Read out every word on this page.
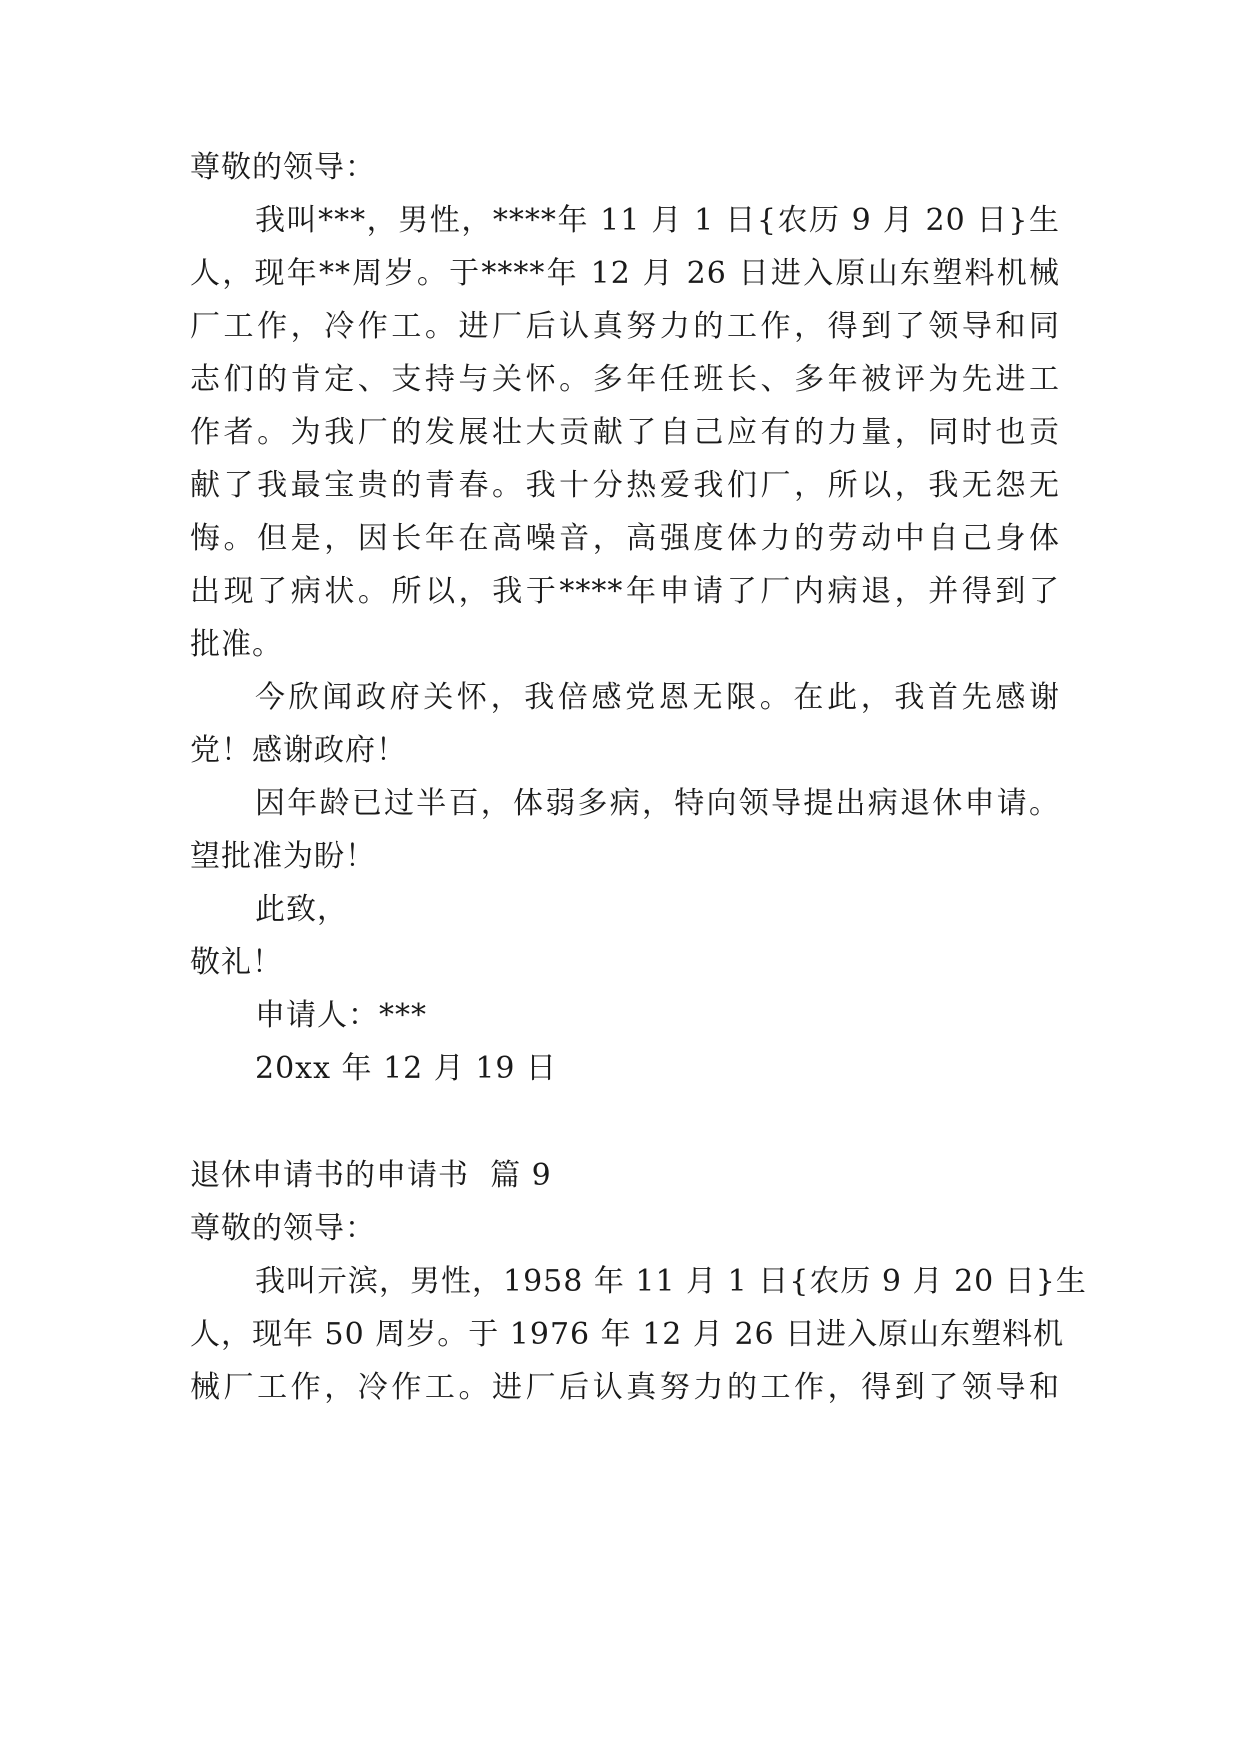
尊敬的领导：
我叫***，男性，****年 11 月 1 日{农历 9 月 20 日}生
人，现年**周岁。于****年 12 月 26 日进入原山东塑料机械
厂工作，冷作工。进厂后认真努力的工作，得到了领导和同
志们的肯定、支持与关怀。多年任班长、多年被评为先进工
作者。为我厂的发展壮大贡献了自己应有的力量，同时也贡
献了我最宝贵的青春。我十分热爱我们厂，所以，我无怨无
悔。但是，因长年在高噪音，高强度体力的劳动中自己身体
出现了病状。所以，我于****年申请了厂内病退，并得到了
批准。
今欣闻政府关怀，我倍感党恩无限。在此，我首先感谢
党！感谢政府！
因年龄已过半百，体弱多病，特向领导提出病退休申请。
望批准为盼！
此致，
敬礼！
申请人：***
20xx 年 12 月 19 日
退休申请书的申请书  篇 9
尊敬的领导：
我叫亓滨，男性，1958 年 11 月 1 日{农历 9 月 20 日}生
人，现年 50 周岁。于 1976 年 12 月 26 日进入原山东塑料机
械厂工作，冷作工。进厂后认真努力的工作，得到了领导和
